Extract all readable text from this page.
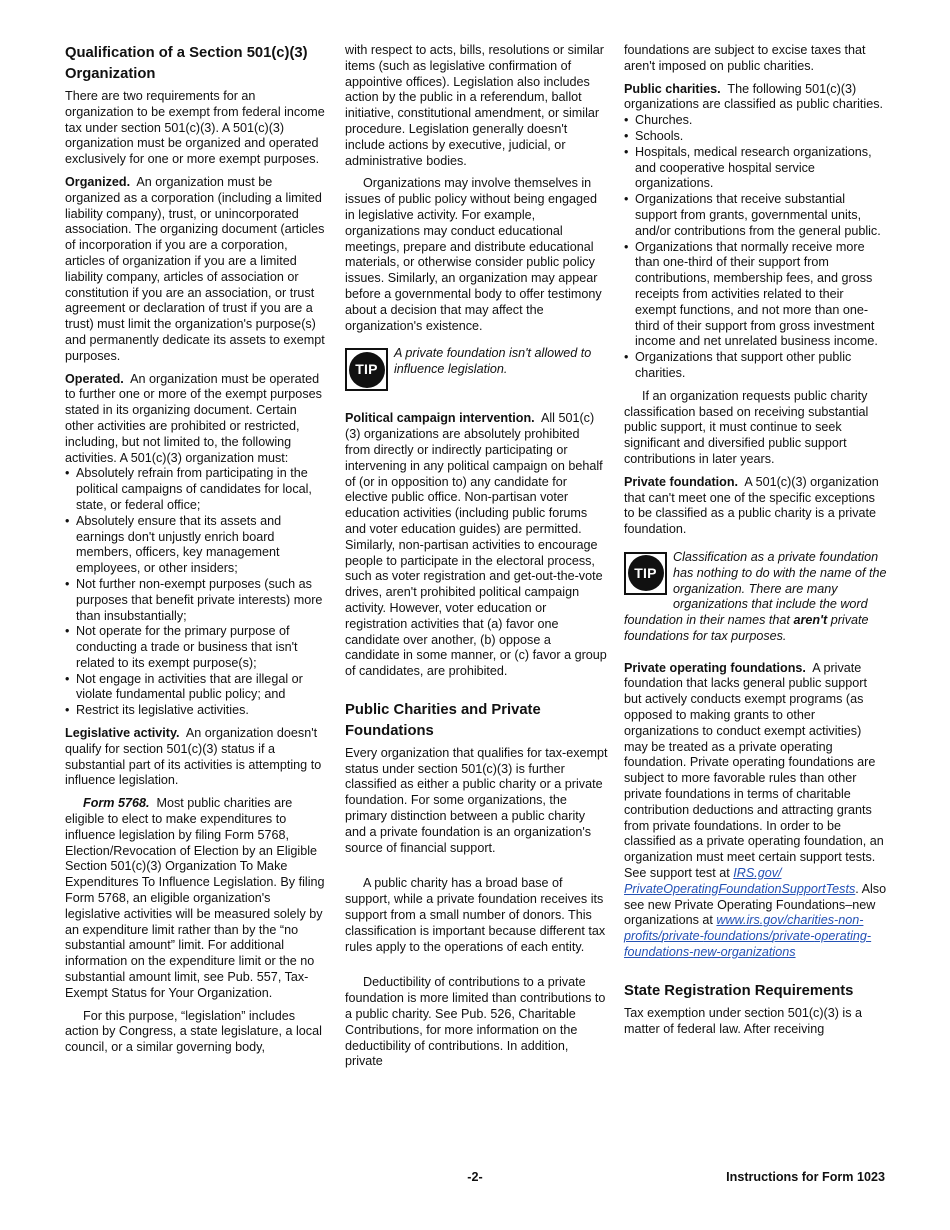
Qualification of a Section 501(c)(3) Organization

There are two requirements for an organization to be exempt from federal income tax under section 501(c)(3). A 501(c)(3) organization must be organized and operated exclusively for one or more exempt purposes.

Organized. An organization must be organized as a corporation (including a limited liability company), trust, or unincorporated association. The organizing document (articles of incorporation if you are a corporation, articles of organization if you are a limited liability company, articles of association or constitution if you are an association, or trust agreement or declaration of trust if you are a trust) must limit the organization's purpose(s) and permanently dedicate its assets to exempt purposes.

Operated. An organization must be operated to further one or more of the exempt purposes stated in its organizing document. Certain other activities are prohibited or restricted, including, but not limited to, the following activities. A 501(c)(3) organization must:

• Absolutely refrain from participating in the political campaigns of candidates for local, state, or federal office;

• Absolutely ensure that its assets and earnings don't unjustly enrich board members, officers, key management employees, or other insiders;

• Not further non-exempt purposes (such as purposes that benefit private interests) more than insubstantially;

• Not operate for the primary purpose of conducting a trade or business that isn't related to its exempt purpose(s);

• Not engage in activities that are illegal or violate fundamental public policy; and

• Restrict its legislative activities.

Legislative activity. An organization doesn't qualify for section 501(c)(3) status if a substantial part of its activities is attempting to influence legislation.

Form 5768. Most public charities are eligible to elect to make expenditures to influence legislation by filing Form 5768, Election/Revocation of Election by an Eligible Section 501(c)(3) Organization To Make Expenditures To Influence Legislation. By filing Form 5768, an eligible organization's legislative activities will be measured solely by an expenditure limit rather than by the “no substantial amount” limit. For additional information on the expenditure limit or the no substantial amount limit, see Pub. 557, Tax-Exempt Status for Your Organization.

For this purpose, “legislation” includes action by Congress, a state legislature, a local council, or a similar governing body,

with respect to acts, bills, resolutions or similar items (such as legislative confirmation of appointive offices). Legislation also includes action by the public in a referendum, ballot initiative, constitutional amendment, or similar procedure. Legislation generally doesn't include actions by executive, judicial, or administrative bodies.

Organizations may involve themselves in issues of public policy without being engaged in legislative activity. For example, organizations may conduct educational meetings, prepare and distribute educational materials, or otherwise consider public policy issues. Similarly, an organization may appear before a governmental body to offer testimony about a decision that may affect the organization's existence.

TIP
A private foundation isn't allowed to influence legislation.

Political campaign intervention. All 501(c)(3) organizations are absolutely prohibited from directly or indirectly participating or intervening in any political campaign on behalf of (or in opposition to) any candidate for elective public office. Non-partisan voter education activities (including public forums and voter education guides) are permitted. Similarly, non-partisan activities to encourage people to participate in the electoral process, such as voter registration and get-out-the-vote drives, aren't prohibited political campaign activity. However, voter education or registration activities that (a) favor one candidate over another, (b) oppose a candidate in some manner, or (c) favor a group of candidates, are prohibited.

Public Charities and Private Foundations

Every organization that qualifies for tax-exempt status under section 501(c)(3) is further classified as either a public charity or a private foundation. For some organizations, the primary distinction between a public charity and a private foundation is an organization's source of financial support.

A public charity has a broad base of support, while a private foundation receives its support from a small number of donors. This classification is important because different tax rules apply to the operations of each entity.

Deductibility of contributions to a private foundation is more limited than contributions to a public charity. See Pub. 526, Charitable Contributions, for more information on the deductibility of contributions. In addition, private

foundations are subject to excise taxes that aren't imposed on public charities.

Public charities. The following 501(c)(3) organizations are classified as public charities.

• Churches.

• Schools.

• Hospitals, medical research organizations, and cooperative hospital service organizations.

• Organizations that receive substantial support from grants, governmental units, and/or contributions from the general public.

• Organizations that normally receive more than one-third of their support from contributions, membership fees, and gross receipts from activities related to their exempt functions, and not more than one-third of their support from gross investment income and net unrelated business income.

• Organizations that support other public charities.

If an organization requests public charity classification based on receiving substantial public support, it must continue to seek significant and diversified public support contributions in later years.

Private foundation. A 501(c)(3) organization that can't meet one of the specific exceptions to be classified as a public charity is a private foundation.

TIP
Classification as a private foundation has nothing to do with the name of the organization. There are many organizations that include the word foundation in their names that aren't private foundations for tax purposes.

Private operating foundations. A private foundation that lacks general public support but actively conducts exempt programs (as opposed to making grants to other organizations to conduct exempt activities) may be treated as a private operating foundation. Private operating foundations are subject to more favorable rules than other private foundations in terms of charitable contribution deductions and attracting grants from private foundations. In order to be classified as a private operating foundation, an organization must meet certain support tests. See support test at IRS.gov/PrivateOperatingFoundationSupportTests. Also see new Private Operating Foundations–new organizations at www.irs.gov/charities-non-profits/private-foundations/private-operating-foundations-new-organizations

State Registration Requirements

Tax exemption under section 501(c)(3) is a matter of federal law. After receiving

-2-	Instructions for Form 1023
